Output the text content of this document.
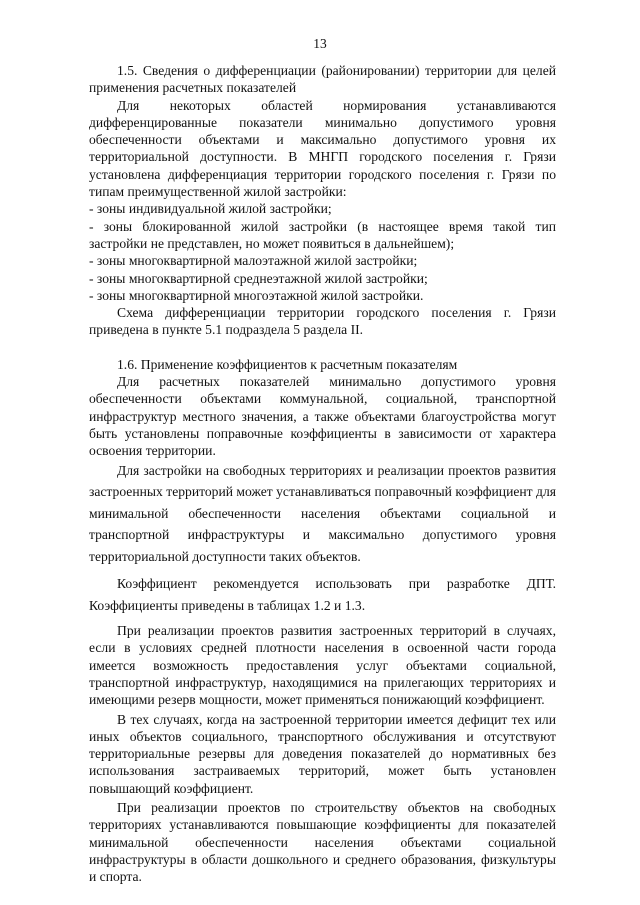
13

1.5. Сведения о дифференциации (районировании) территории для целей применения расчетных показателей

Для некоторых областей нормирования устанавливаются дифференцированные показатели минимально допустимого уровня обеспеченности объектами и максимально допустимого уровня их территориальной доступности. В МНГП городского поселения г. Грязи установлена дифференциация территории городского поселения г. Грязи по типам преимущественной жилой застройки:

- зоны индивидуальной жилой застройки;

- зоны блокированной жилой застройки (в настоящее время такой тип застройки не представлен, но может появиться в дальнейшем);

- зоны многоквартирной малоэтажной жилой застройки;

- зоны многоквартирной среднеэтажной жилой застройки;

- зоны многоквартирной многоэтажной жилой застройки.

Схема дифференциации территории городского поселения г. Грязи приведена в пункте 5.1 подраздела 5 раздела II.

1.6. Применение коэффициентов к расчетным показателям

Для расчетных показателей минимально допустимого уровня обеспеченности объектами коммунальной, социальной, транспортной инфраструктур местного значения, а также объектами благоустройства могут быть установлены поправочные коэффициенты в зависимости от характера освоения территории.

Для застройки на свободных территориях и реализации проектов развития застроенных территорий может устанавливаться поправочный коэффициент для минимальной обеспеченности населения объектами социальной и транспортной инфраструктуры и максимально допустимого уровня территориальной доступности таких объектов.

Коэффициент рекомендуется использовать при разработке ДПТ. Коэффициенты приведены в таблицах 1.2 и 1.3.

При реализации проектов развития застроенных территорий в случаях, если в условиях средней плотности населения в освоенной части города имеется возможность предоставления услуг объектами социальной, транспортной инфраструктур, находящимися на прилегающих территориях и имеющими резерв мощности, может применяться понижающий коэффициент.

В тех случаях, когда на застроенной территории имеется дефицит тех или иных объектов социального, транспортного обслуживания и отсутствуют территориальные резервы для доведения показателей до нормативных без использования застраиваемых территорий, может быть установлен повышающий коэффициент.

При реализации проектов по строительству объектов на свободных территориях устанавливаются повышающие коэффициенты для показателей минимальной обеспеченности населения объектами социальной инфраструктуры в области дошкольного и среднего образования, физкультуры и спорта.
